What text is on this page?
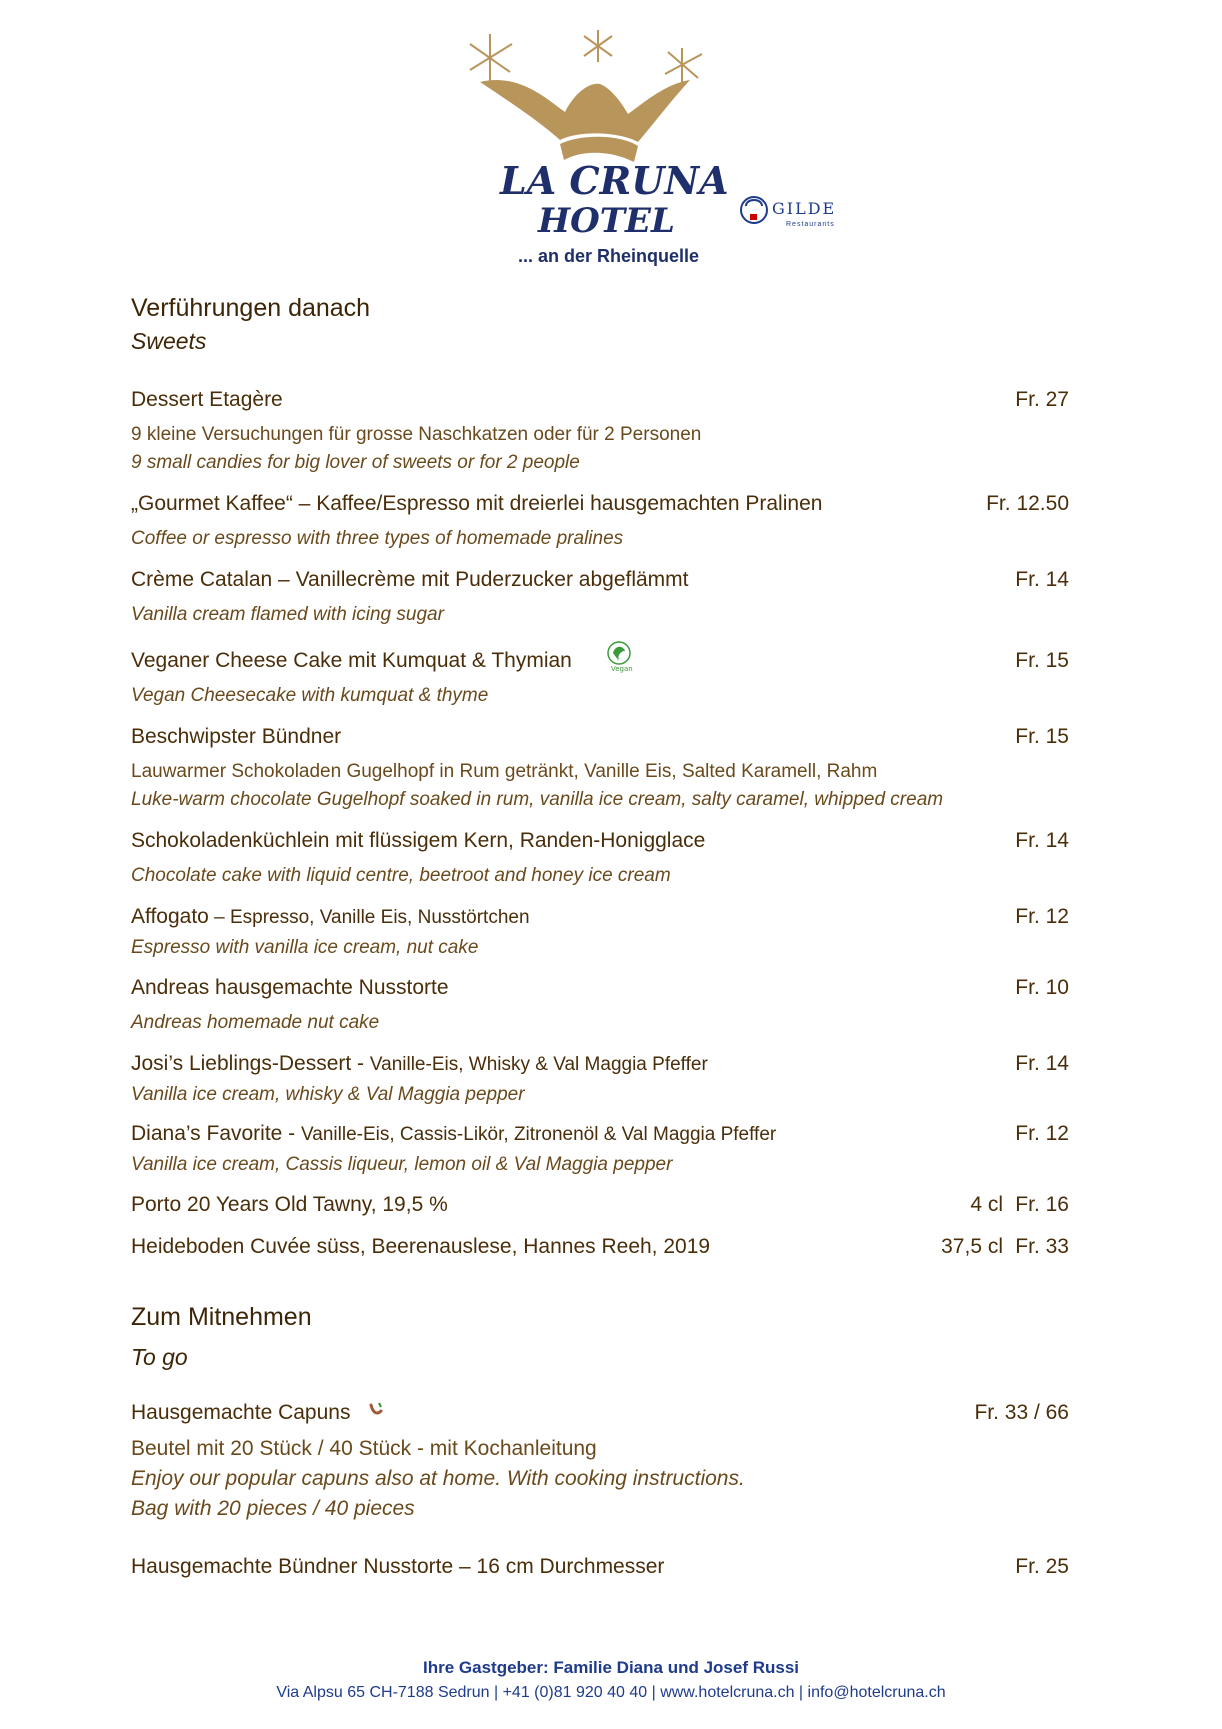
LA CRUNA
HOTEL
... an der Rheinquelle
GILDE
Restaurants
Verführungen danach
Sweets
Dessert Etagère	Fr. 27
9 kleine Versuchungen für grosse Naschkatzen oder für 2 Personen
9 small candies for big lover of sweets or for 2 people
„Gourmet Kaffee“ – Kaffee/Espresso mit dreierlei hausgemachten Pralinen	Fr. 12.50
Coffee or espresso with three types of homemade pralines
Crème Catalan – Vanillecrème mit Puderzucker abgeflämmt	Fr. 14
Vanilla cream flamed with icing sugar
Veganer Cheese Cake mit Kumquat & Thymian	Vegan	Fr. 15
Vegan Cheesecake with kumquat & thyme
Beschwipster Bündner	Fr. 15
Lauwarmer Schokoladen Gugelhopf in Rum getränkt, Vanille Eis, Salted Karamell, Rahm
Luke-warm chocolate Gugelhopf soaked in rum, vanilla ice cream, salty caramel, whipped cream
Schokoladenküchlein mit flüssigem Kern, Randen-Honigglace	Fr. 14
Chocolate cake with liquid centre, beetroot and honey ice cream
Affogato – Espresso, Vanille Eis, Nusstörtchen	Fr. 12
Espresso with vanilla ice cream, nut cake
Andreas hausgemachte Nusstorte	Fr. 10
Andreas homemade nut cake
Josi’s Lieblings-Dessert - Vanille-Eis, Whisky & Val Maggia Pfeffer	Fr. 14
Vanilla ice cream, whisky & Val Maggia pepper
Diana’s Favorite - Vanille-Eis, Cassis-Likör, Zitronenöl & Val Maggia Pfeffer	Fr. 12
Vanilla ice cream, Cassis liqueur, lemon oil & Val Maggia pepper
Porto 20 Years Old Tawny, 19,5 %	4 cl Fr. 16
Heideboden Cuvée süss, Beerenauslese, Hannes Reeh, 2019	37,5 cl Fr. 33
Zum Mitnehmen
To go
Hausgemachte Capuns	Fr. 33 / 66
Beutel mit 20 Stück / 40 Stück - mit Kochanleitung
Enjoy our popular capuns also at home. With cooking instructions.
Bag with 20 pieces / 40 pieces
Hausgemachte Bündner Nusstorte – 16 cm Durchmesser	Fr. 25
Ihre Gastgeber: Familie Diana und Josef Russi
Via Alpsu 65 CH-7188 Sedrun | +41 (0)81 920 40 40 | www.hotelcruna.ch | info@hotelcruna.ch
